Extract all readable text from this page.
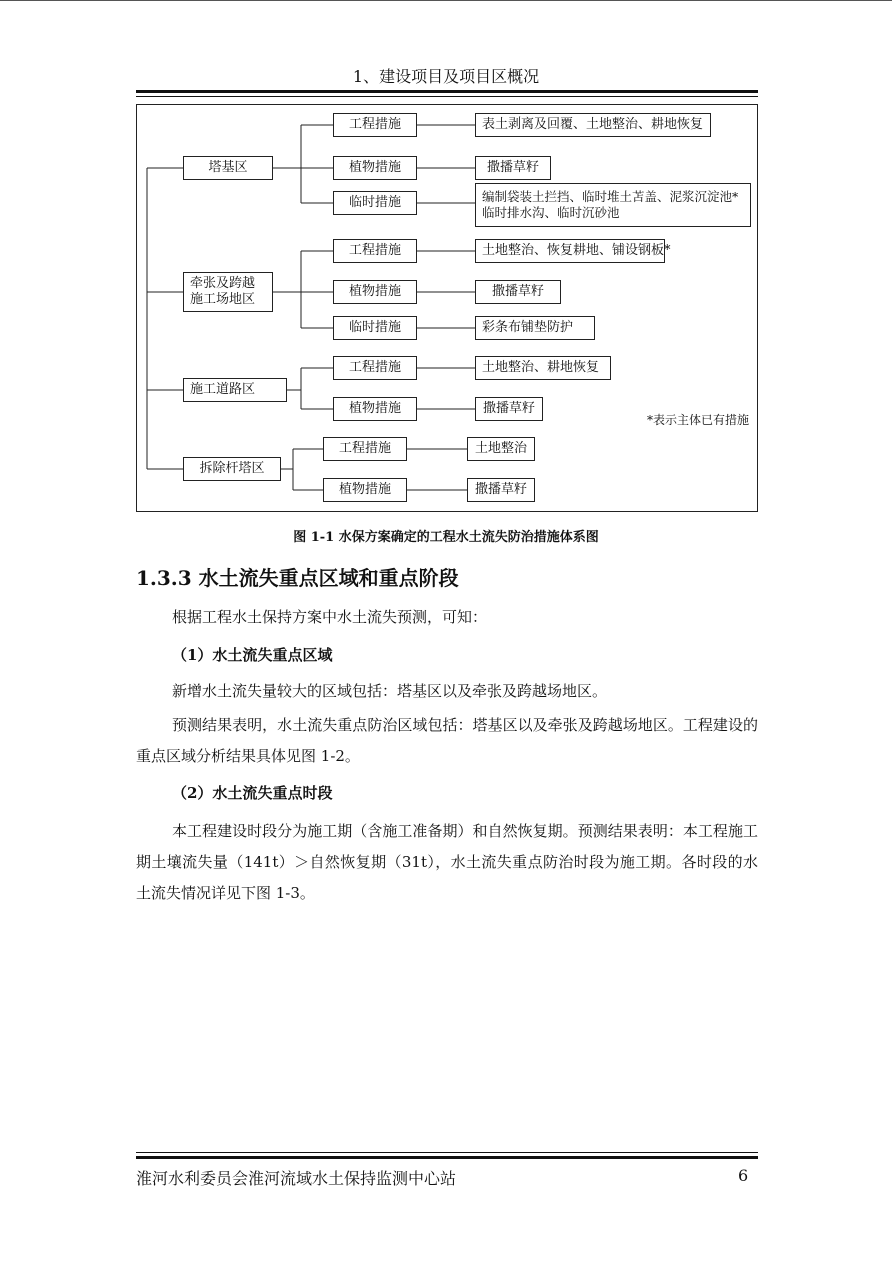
1、建设项目及项目区概况
塔基区
牵张及跨越
施工场地区
施工道路区
拆除杆塔区
工程措施
植物措施
临时措施
工程措施
植物措施
临时措施
工程措施
植物措施
工程措施
植物措施
表土剥离及回覆、土地整治、耕地恢复
撒播草籽
编制袋装土拦挡、临时堆土苫盖、泥浆沉淀池*
临时排水沟、临时沉砂池
土地整治、恢复耕地、铺设钢板*
撒播草籽
彩条布铺垫防护
土地整治、耕地恢复
撒播草籽
土地整治
撒播草籽
*表示主体已有措施
图 1-1 水保方案确定的工程水土流失防治措施体系图
1.3.3 水土流失重点区域和重点阶段
根据工程水土保持方案中水土流失预测，可知：
（1）水土流失重点区域
新增水土流失量较大的区域包括：塔基区以及牵张及跨越场地区。
预测结果表明，水土流失重点防治区域包括：塔基区以及牵张及跨越场地区。工程建设的重点区域分析结果具体见图 1-2。
（2）水土流失重点时段
本工程建设时段分为施工期（含施工准备期）和自然恢复期。预测结果表明：本工程施工期土壤流失量（141t）＞自然恢复期（31t），水土流失重点防治时段为施工期。各时段的水土流失情况详见下图 1-3。
淮河水利委员会淮河流域水土保持监测中心站	6
